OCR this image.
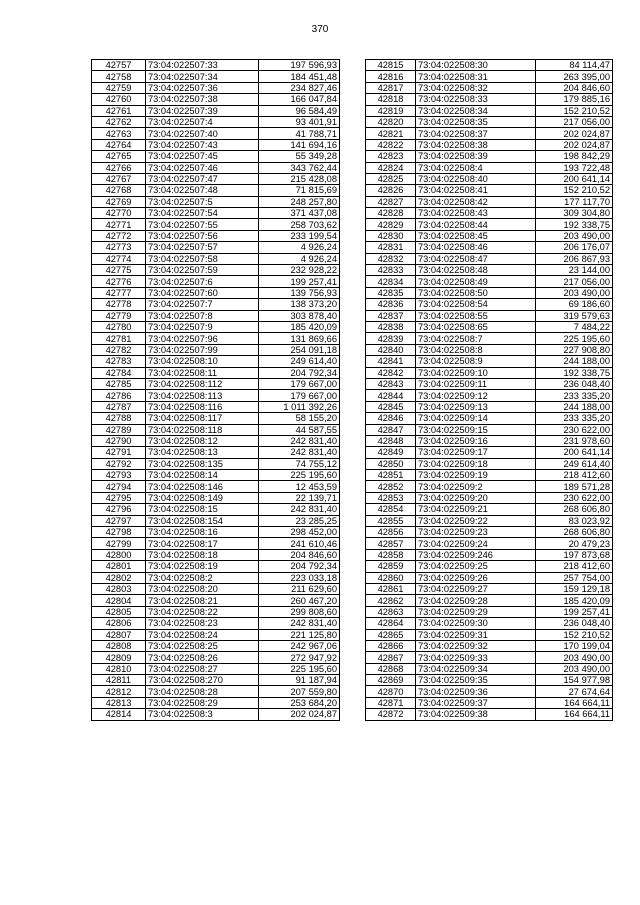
370
42757	73:04:022507:33	197 596,93
42758	73:04:022507:34	184 451,48
42759	73:04:022507:36	234 827,46
42760	73:04:022507:38	166 047,84
42761	73:04:022507:39	96 584,49
42762	73:04:022507:4	93 401,91
42763	73:04:022507:40	41 788,71
42764	73:04:022507:43	141 694,16
42765	73:04:022507:45	55 349,28
42766	73:04:022507:46	343 762,44
42767	73:04:022507:47	215 428,08
42768	73:04:022507:48	71 815,69
42769	73:04:022507:5	248 257,80
42770	73:04:022507:54	371 437,08
42771	73:04:022507:55	258 703,62
42772	73:04:022507:56	233 199,54
42773	73:04:022507:57	4 926,24
42774	73:04:022507:58	4 926,24
42775	73:04:022507:59	232 928,22
42776	73:04:022507:6	199 257,41
42777	73:04:022507:60	139 756,93
42778	73:04:022507:7	138 373,20
42779	73:04:022507:8	303 878,40
42780	73:04:022507:9	185 420,09
42781	73:04:022507:96	131 869,66
42782	73:04:022507:99	254 091,18
42783	73:04:022508:10	249 614,40
42784	73:04:022508:11	204 792,34
42785	73:04:022508:112	179 667,00
42786	73:04:022508:113	179 667,00
42787	73:04:022508:116	1 011 392,26
42788	73:04:022508:117	58 155,20
42789	73:04:022508:118	44 587,55
42790	73:04:022508:12	242 831,40
42791	73:04:022508:13	242 831,40
42792	73:04:022508:135	74 755,12
42793	73:04:022508:14	225 195,60
42794	73:04:022508:146	12 453,59
42795	73:04:022508:149	22 139,71
42796	73:04:022508:15	242 831,40
42797	73:04:022508:154	23 285,25
42798	73:04:022508:16	298 452,00
42799	73:04:022508:17	241 610,46
42800	73:04:022508:18	204 846,60
42801	73:04:022508:19	204 792,34
42802	73:04:022508:2	223 033,18
42803	73:04:022508:20	211 629,60
42804	73:04:022508:21	260 467,20
42805	73:04:022508:22	299 808,60
42806	73:04:022508:23	242 831,40
42807	73:04:022508:24	221 125,80
42808	73:04:022508:25	242 967,06
42809	73:04:022508:26	272 947,92
42810	73:04:022508:27	225 195,60
42811	73:04:022508:270	91 187,94
42812	73:04:022508:28	207 559,80
42813	73:04:022508:29	253 684,20
42814	73:04:022508:3	202 024,87
42815	73:04:022508:30	84 114,47
42816	73:04:022508:31	263 395,00
42817	73:04:022508:32	204 846,60
42818	73:04:022508:33	179 885,16
42819	73:04:022508:34	152 210,52
42820	73:04:022508:35	217 056,00
42821	73:04:022508:37	202 024,87
42822	73:04:022508:38	202 024,87
42823	73:04:022508:39	198 842,29
42824	73:04:022508:4	193 722,48
42825	73:04:022508:40	200 641,14
42826	73:04:022508:41	152 210,52
42827	73:04:022508:42	177 117,70
42828	73:04:022508:43	309 304,80
42829	73:04:022508:44	192 338,75
42830	73:04:022508:45	203 490,00
42831	73:04:022508:46	206 176,07
42832	73:04:022508:47	206 867,93
42833	73:04:022508:48	23 144,00
42834	73:04:022508:49	217 056,00
42835	73:04:022508:50	203 490,00
42836	73:04:022508:54	69 186,60
42837	73:04:022508:55	319 579,63
42838	73:04:022508:65	7 484,22
42839	73:04:022508:7	225 195,60
42840	73:04:022508:8	227 908,80
42841	73:04:022508:9	244 188,00
42842	73:04:022509:10	192 338,75
42843	73:04:022509:11	236 048,40
42844	73:04:022509:12	233 335,20
42845	73:04:022509:13	244 188,00
42846	73:04:022509:14	233 335,20
42847	73:04:022509:15	230 622,00
42848	73:04:022509:16	231 978,60
42849	73:04:022509:17	200 641,14
42850	73:04:022509:18	249 614,40
42851	73:04:022509:19	218 412,60
42852	73:04:022509:2	189 571,28
42853	73:04:022509:20	230 622,00
42854	73:04:022509:21	268 606,80
42855	73:04:022509:22	83 023,92
42856	73:04:022509:23	268 606,80
42857	73:04:022509:24	20 479,23
42858	73:04:022509:246	197 873,68
42859	73:04:022509:25	218 412,60
42860	73:04:022509:26	257 754,00
42861	73:04:022509:27	159 129,18
42862	73:04:022509:28	185 420,09
42863	73:04:022509:29	199 257,41
42864	73:04:022509:30	236 048,40
42865	73:04:022509:31	152 210,52
42866	73:04:022509:32	170 199,04
42867	73:04:022509:33	203 490,00
42868	73:04:022509:34	203 490,00
42869	73:04:022509:35	154 977,98
42870	73:04:022509:36	27 674,64
42871	73:04:022509:37	164 664,11
42872	73:04:022509:38	164 664,11
